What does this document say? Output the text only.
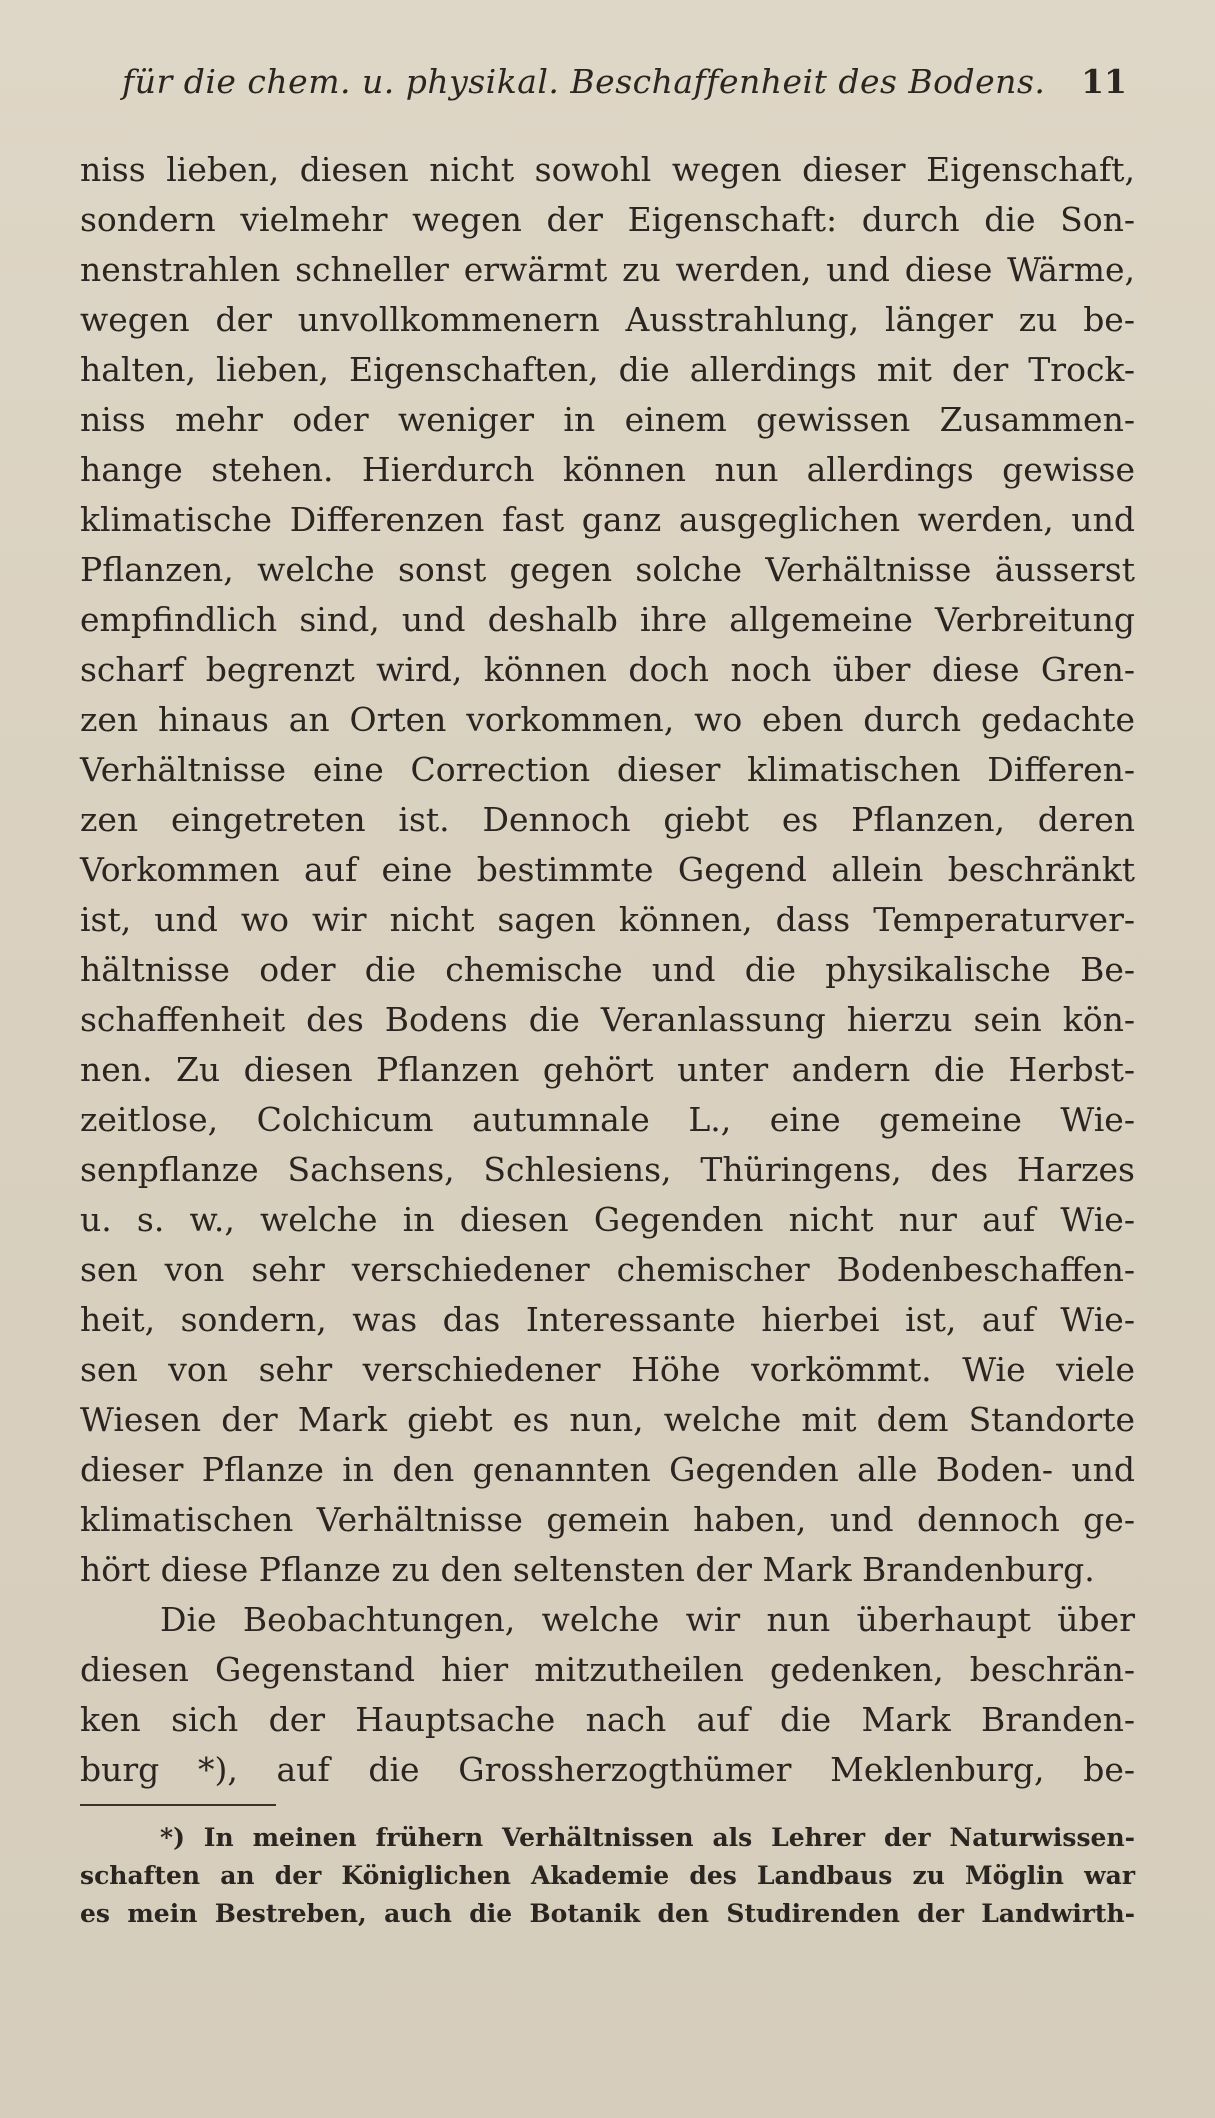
für die chem. u. physikal. Beschaffenheit des Bodens. 11
niss lieben, diesen nicht sowohl wegen dieser Eigenschaft,
sondern vielmehr wegen der Eigenschaft: durch die Son-
nenstrahlen schneller erwärmt zu werden, und diese Wärme,
wegen der unvollkommenern Ausstrahlung, länger zu be-
halten, lieben, Eigenschaften, die allerdings mit der Trock-
niss mehr oder weniger in einem gewissen Zusammen-
hange stehen. Hierdurch können nun allerdings gewisse
klimatische Differenzen fast ganz ausgeglichen werden, und
Pflanzen, welche sonst gegen solche Verhältnisse äusserst
empfindlich sind, und deshalb ihre allgemeine Verbreitung
scharf begrenzt wird, können doch noch über diese Gren-
zen hinaus an Orten vorkommen, wo eben durch gedachte
Verhältnisse eine Correction dieser klimatischen Differen-
zen eingetreten ist. Dennoch giebt es Pflanzen, deren
Vorkommen auf eine bestimmte Gegend allein beschränkt
ist, und wo wir nicht sagen können, dass Temperaturver-
hältnisse oder die chemische und die physikalische Be-
schaffenheit des Bodens die Veranlassung hierzu sein kön-
nen. Zu diesen Pflanzen gehört unter andern die Herbst-
zeitlose, Colchicum autumnale L., eine gemeine Wie-
senpflanze Sachsens, Schlesiens, Thüringens, des Harzes
u. s. w., welche in diesen Gegenden nicht nur auf Wie-
sen von sehr verschiedener chemischer Bodenbeschaffen-
heit, sondern, was das Interessante hierbei ist, auf Wie-
sen von sehr verschiedener Höhe vorkömmt. Wie viele
Wiesen der Mark giebt es nun, welche mit dem Standorte
dieser Pflanze in den genannten Gegenden alle Boden- und
klimatischen Verhältnisse gemein haben, und dennoch ge-
hört diese Pflanze zu den seltensten der Mark Brandenburg.
Die Beobachtungen, welche wir nun überhaupt über
diesen Gegenstand hier mitzutheilen gedenken, beschrän-
ken sich der Hauptsache nach auf die Mark Branden-
burg *), auf die Grossherzogthümer Meklenburg, be-
*) In meinen frühern Verhältnissen als Lehrer der Naturwissen-
schaften an der Königlichen Akademie des Landbaus zu Möglin war
es mein Bestreben, auch die Botanik den Studirenden der Landwirth-
